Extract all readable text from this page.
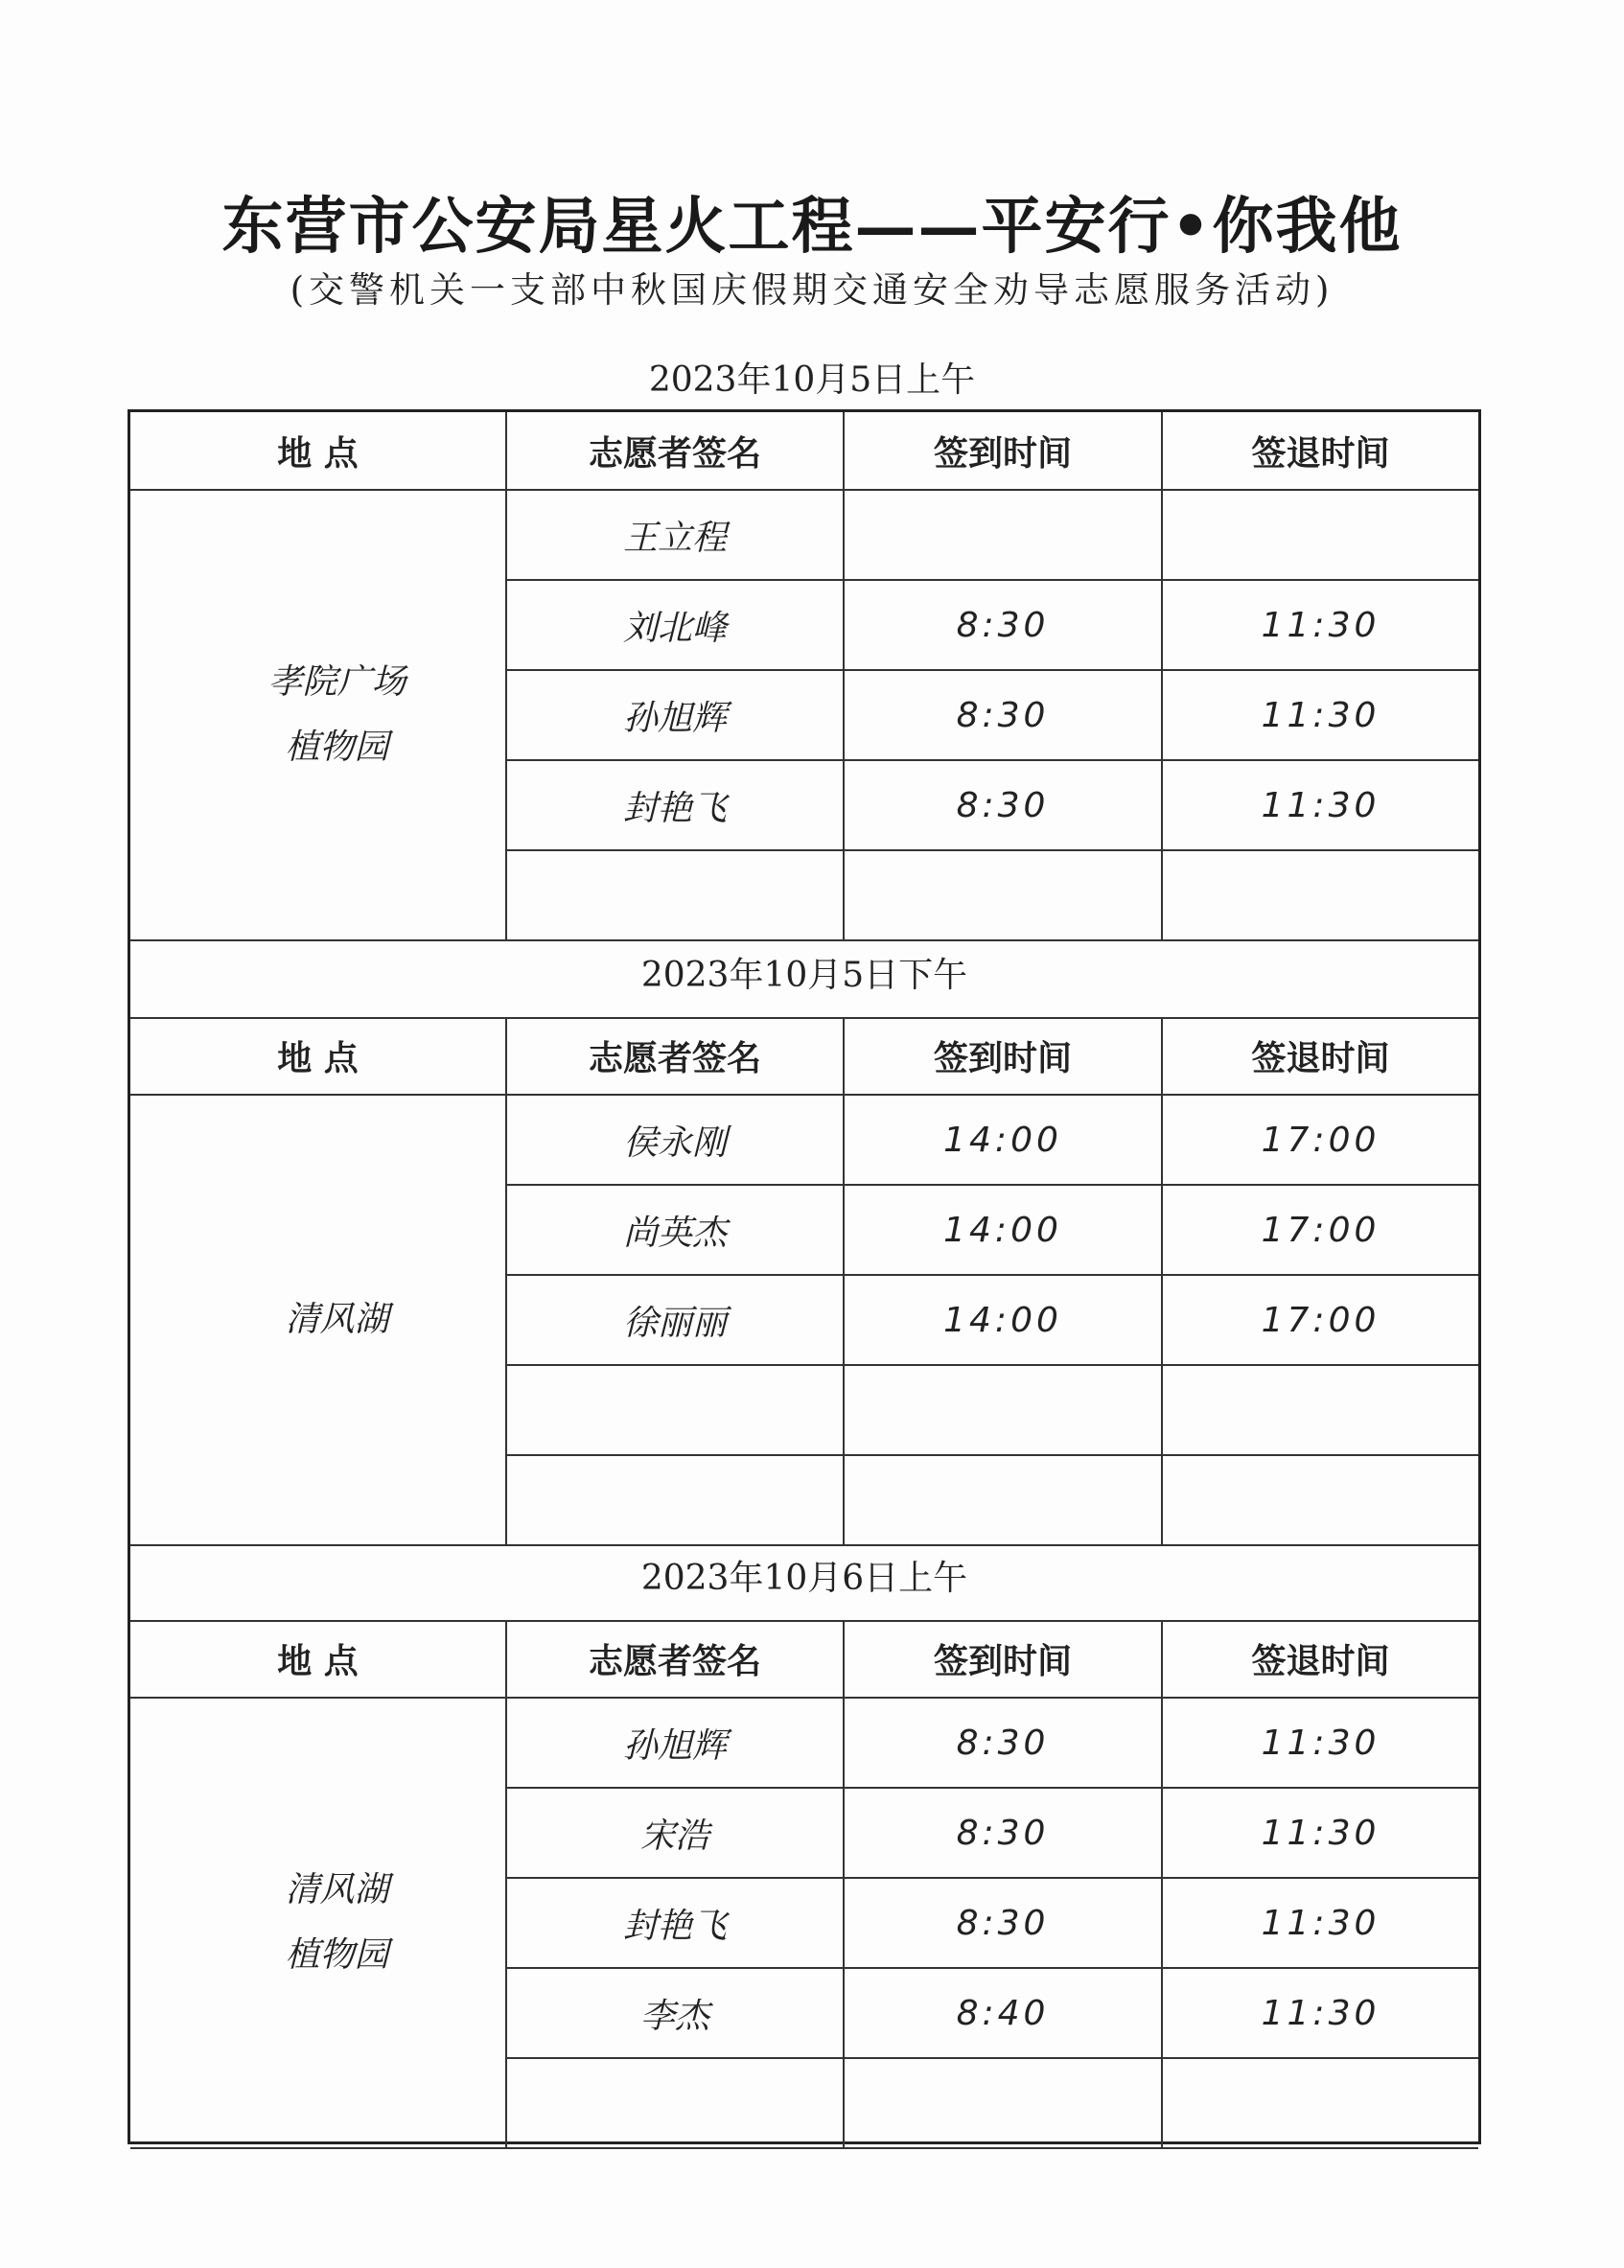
东营市公安局星火工程——平安行•你我他
(交警机关一支部中秋国庆假期交通安全劝导志愿服务活动)
2023年10月5日上午
地 点	志愿者签名	签到时间	签退时间

孝院广场
植物园	王立程		
	刘北峰	8:30	11:30
	孙旭辉	8:30	11:30
	封艳飞	8:30	11:30

2023年10月5日下午
地 点	志愿者签名	签到时间	签退时间

清风湖	侯永刚	14:00	17:00
	尚英杰	14:00	17:00
	徐丽丽	14:00	17:00

2023年10月6日上午
地 点	志愿者签名	签到时间	签退时间

清风湖
植物园	孙旭辉	8:30	11:30
	宋浩	8:30	11:30
	封艳飞	8:30	11:30
	李杰	8:40	11:30
